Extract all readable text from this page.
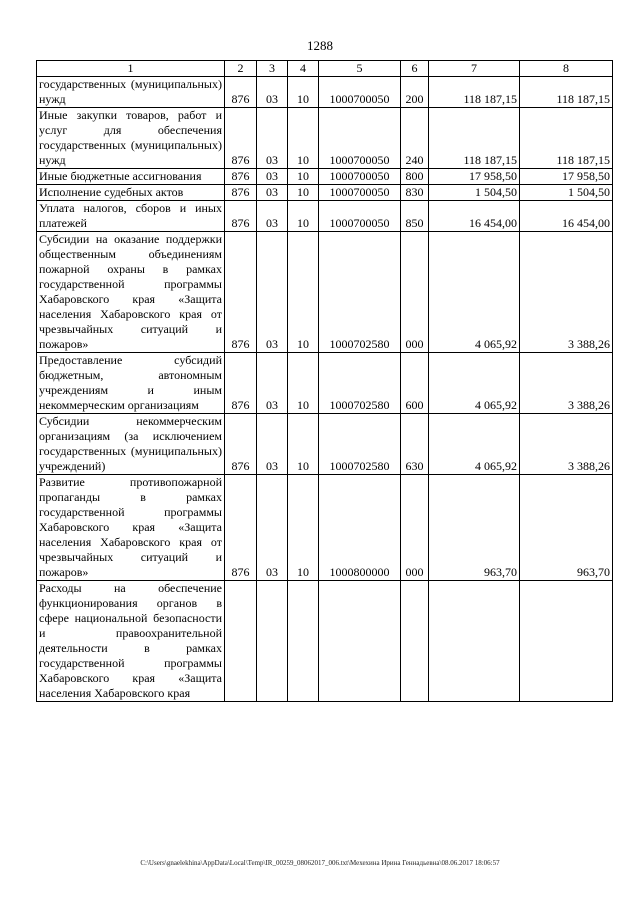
1288
1	2	3	4	5	6	7	8
государственных (муниципальных) нужд	876	03	10	1000700050	200	118 187,15	118 187,15
Иные закупки товаров, работ и услуг для обеспечения государственных (муниципальных) нужд	876	03	10	1000700050	240	118 187,15	118 187,15
Иные бюджетные ассигнования	876	03	10	1000700050	800	17 958,50	17 958,50
Исполнение судебных актов	876	03	10	1000700050	830	1 504,50	1 504,50
Уплата налогов, сборов и иных платежей	876	03	10	1000700050	850	16 454,00	16 454,00
Субсидии на оказание поддержки общественным объединениям пожарной охраны в рамках государственной программы Хабаровского края «Защита населения Хабаровского края от чрезвычайных ситуаций и пожаров»	876	03	10	1000702580	000	4 065,92	3 388,26
Предоставление субсидий бюджетным, автономным учреждениям и иным некоммерческим организациям	876	03	10	1000702580	600	4 065,92	3 388,26
Субсидии некоммерческим организациям (за исключением государственных (муниципальных) учреждений)	876	03	10	1000702580	630	4 065,92	3 388,26
Развитие противопожарной пропаганды в рамках государственной программы Хабаровского края «Защита населения Хабаровского края от чрезвычайных ситуаций и пожаров»	876	03	10	1000800000	000	963,70	963,70
Расходы на обеспечение функционирования органов в сфере национальной безопасности и правоохранительной деятельности в рамках государственной программы Хабаровского края «Защита населения Хабаровского края							
C:\Users\gnaelekhina\AppData\Local\Temp\IR_00259_08062017_006.txt\Мехехина Ирина Геннадьевна\08.06.2017 18:06:57
